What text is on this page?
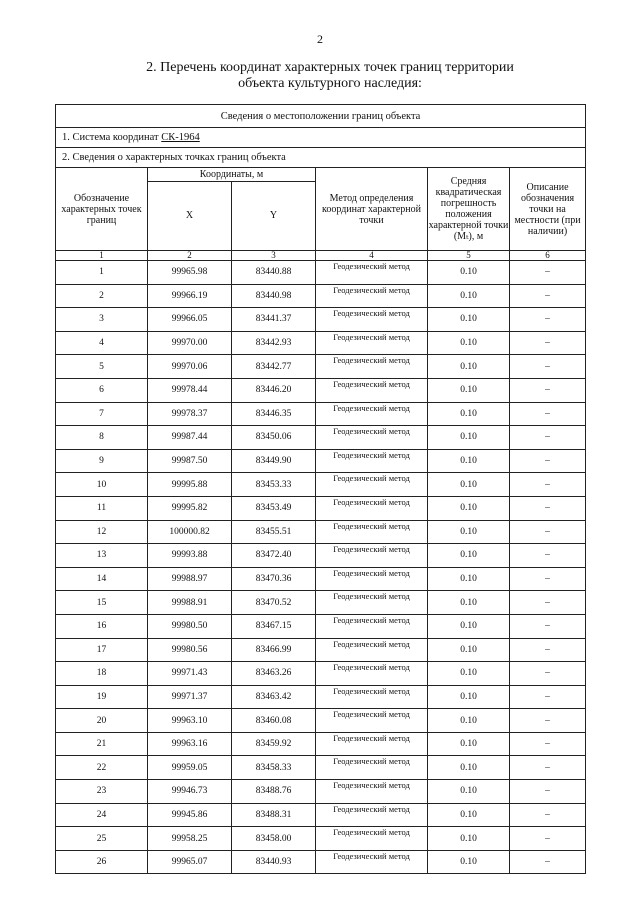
2
2. Перечень координат характерных точек границ территории
объекта культурного наследия:
Сведения о местоположении границ объекта					
1. Система координат СК-1964					
2. Сведения о характерных точках границ объекта					
Обозначение характерных точек границ	Координаты, м		Метод определения координат характерной точки	Средняя квадратическая погрешность положения характерной точки (Mₜ), м	Описание обозначения точки на местности (при наличии)
	X	Y			
1	2	3	4	5	6
1	99965.98	83440.88	Геодезический метод	0.10	–
2	99966.19	83440.98	Геодезический метод	0.10	–
3	99966.05	83441.37	Геодезический метод	0.10	–
4	99970.00	83442.93	Геодезический метод	0.10	–
5	99970.06	83442.77	Геодезический метод	0.10	–
6	99978.44	83446.20	Геодезический метод	0.10	–
7	99978.37	83446.35	Геодезический метод	0.10	–
8	99987.44	83450.06	Геодезический метод	0.10	–
9	99987.50	83449.90	Геодезический метод	0.10	–
10	99995.88	83453.33	Геодезический метод	0.10	–
11	99995.82	83453.49	Геодезический метод	0.10	–
12	100000.82	83455.51	Геодезический метод	0.10	–
13	99993.88	83472.40	Геодезический метод	0.10	–
14	99988.97	83470.36	Геодезический метод	0.10	–
15	99988.91	83470.52	Геодезический метод	0.10	–
16	99980.50	83467.15	Геодезический метод	0.10	–
17	99980.56	83466.99	Геодезический метод	0.10	–
18	99971.43	83463.26	Геодезический метод	0.10	–
19	99971.37	83463.42	Геодезический метод	0.10	–
20	99963.10	83460.08	Геодезический метод	0.10	–
21	99963.16	83459.92	Геодезический метод	0.10	–
22	99959.05	83458.33	Геодезический метод	0.10	–
23	99946.73	83488.76	Геодезический метод	0.10	–
24	99945.86	83488.31	Геодезический метод	0.10	–
25	99958.25	83458.00	Геодезический метод	0.10	–
26	99965.07	83440.93	Геодезический метод	0.10	–
